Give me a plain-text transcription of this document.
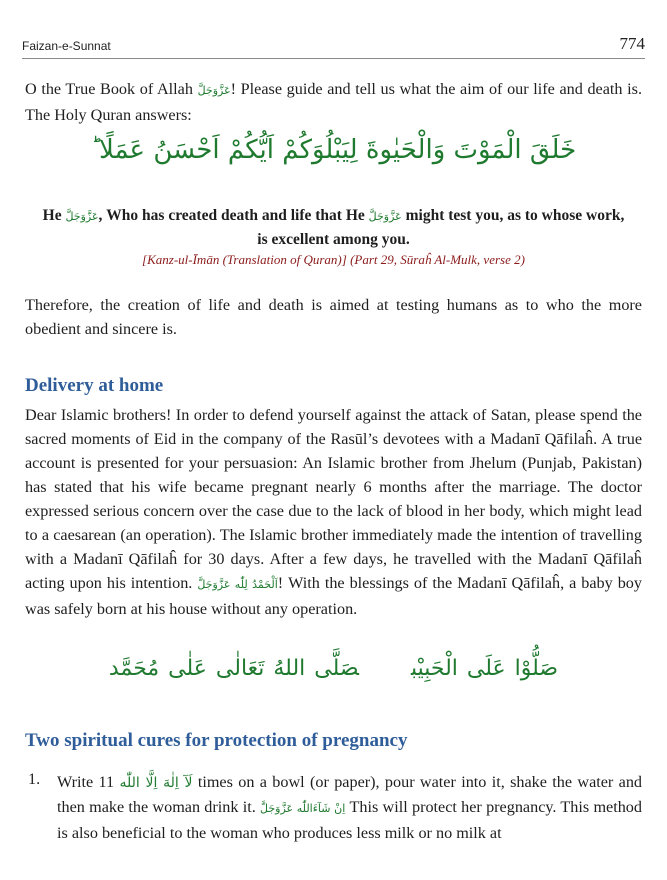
Faizan-e-Sunnat	774
O the True Book of Allah عَزَّوَجَلَّ! Please guide and tell us what the aim of our life and death is. The Holy Quran answers:
خَلَقَ الْمَوْتَ وَالْحَيٰوةَ لِيَبْلُوَكُمْ اَيُّكُمْ اَحْسَنُ عَمَلًا ؕ
He عَزَّوَجَلَّ, Who has created death and life that He عَزَّوَجَلَّ might test you, as to whose work, is excellent among you.
[Kanz-ul-Īmān (Translation of Quran)] (Part 29, Sūraĥ Al-Mulk, verse 2)
Therefore, the creation of life and death is aimed at testing humans as to who the more obedient and sincere is.
Delivery at home
Dear Islamic brothers! In order to defend yourself against the attack of Satan, please spend the sacred moments of Eid in the company of the Rasūl’s devotees with a Madanī Qāfilaĥ. A true account is presented for your persuasion: An Islamic brother from Jhelum (Punjab, Pakistan) has stated that his wife became pregnant nearly 6 months after the marriage. The doctor expressed serious concern over the case due to the lack of blood in her body, which might lead to a caesarean (an operation). The Islamic brother immediately made the intention of travelling with a Madanī Qāfilaĥ for 30 days. After a few days, he travelled with the Madanī Qāfilaĥ acting upon his intention. اَلْحَمْدُ لِلّٰه عَزَّوَجَلَّ! With the blessings of the Madanī Qāfilaĥ, a baby boy was safely born at his house without any operation.
صَلُّوْا عَلَى الْحَبِيْبصَلَّى اللهُ تَعَالٰى عَلٰى مُحَمَّد
Two spiritual cures for protection of pregnancy
1. Write لَآ اِلٰهَ اِلَّا اللّٰه 11 times on a bowl (or paper), pour water into it, shake the water and then make the woman drink it. اِنْ شَآءَاللّٰه عَزَّوَجَلَّ This will protect her pregnancy. This method is also beneficial to the woman who produces less milk or no milk at
